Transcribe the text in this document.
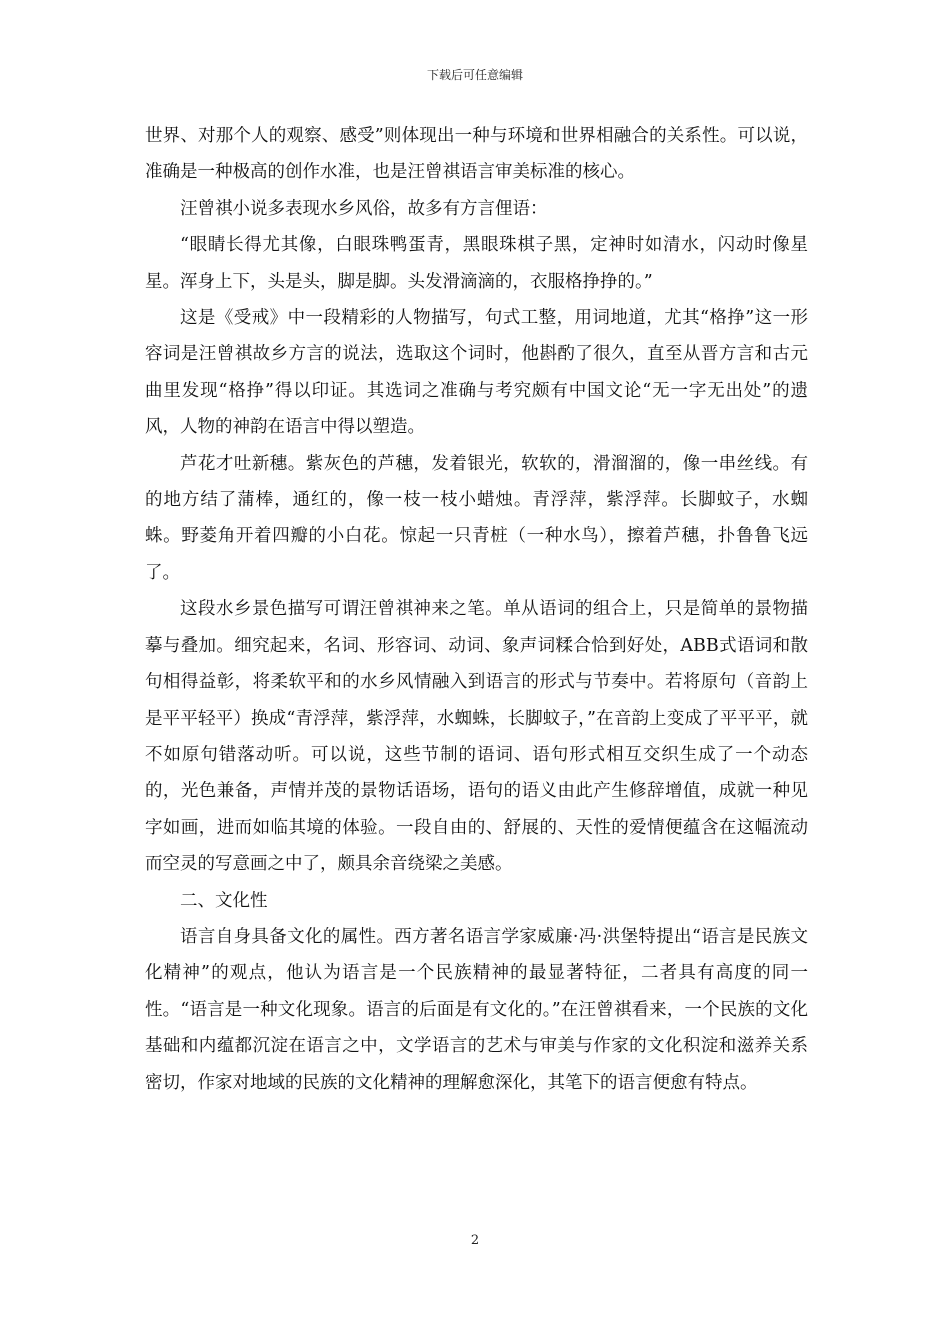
下载后可任意编辑

世界、对那个人的观察、感受”则体现出一种与环境和世界相融合的关系性。可以说，准确是一种极高的创作水准，也是汪曾祺语言审美标准的核心。

汪曾祺小说多表现水乡风俗，故多有方言俚语：

“眼睛长得尤其像，白眼珠鸭蛋青，黑眼珠棋子黑，定神时如清水，闪动时像星星。浑身上下，头是头，脚是脚。头发滑滴滴的，衣服格挣挣的。”

这是《受戒》中一段精彩的人物描写，句式工整，用词地道，尤其“格挣”这一形容词是汪曾祺故乡方言的说法，选取这个词时，他斟酌了很久，直至从晋方言和古元曲里发现“格挣”得以印证。其选词之准确与考究颇有中国文论“无一字无出处”的遗风，人物的神韵在语言中得以塑造。

芦花才吐新穗。紫灰色的芦穗，发着银光，软软的，滑溜溜的，像一串丝线。有的地方结了蒲棒，通红的，像一枝一枝小蜡烛。青浮萍，紫浮萍。长脚蚊子，水蜘蛛。野菱角开着四瓣的小白花。惊起一只青桩（一种水鸟），擦着芦穗，扑鲁鲁飞远了。

这段水乡景色描写可谓汪曾祺神来之笔。单从语词的组合上，只是简单的景物描摹与叠加。细究起来，名词、形容词、动词、象声词糅合恰到好处，ABB式语词和散句相得益彰，将柔软平和的水乡风情融入到语言的形式与节奏中。若将原句（音韵上是平平轻平）换成“青浮萍，紫浮萍，水蜘蛛，长脚蚊子，”在音韵上变成了平平平，就不如原句错落动听。可以说，这些节制的语词、语句形式相互交织生成了一个动态的，光色兼备，声情并茂的景物话语场，语句的语义由此产生修辞增值，成就一种见字如画，进而如临其境的体验。一段自由的、舒展的、天性的爱情便蕴含在这幅流动而空灵的写意画之中了，颇具余音绕梁之美感。

二、文化性

语言自身具备文化的属性。西方著名语言学家威廉·冯·洪堡特提出“语言是民族文化精神”的观点，他认为语言是一个民族精神的最显著特征，二者具有高度的同一性。“语言是一种文化现象。语言的后面是有文化的。”在汪曾祺看来，一个民族的文化基础和内蕴都沉淀在语言之中，文学语言的艺术与审美与作家的文化积淀和滋养关系密切，作家对地域的民族的文化精神的理解愈深化，其笔下的语言便愈有特点。

2
